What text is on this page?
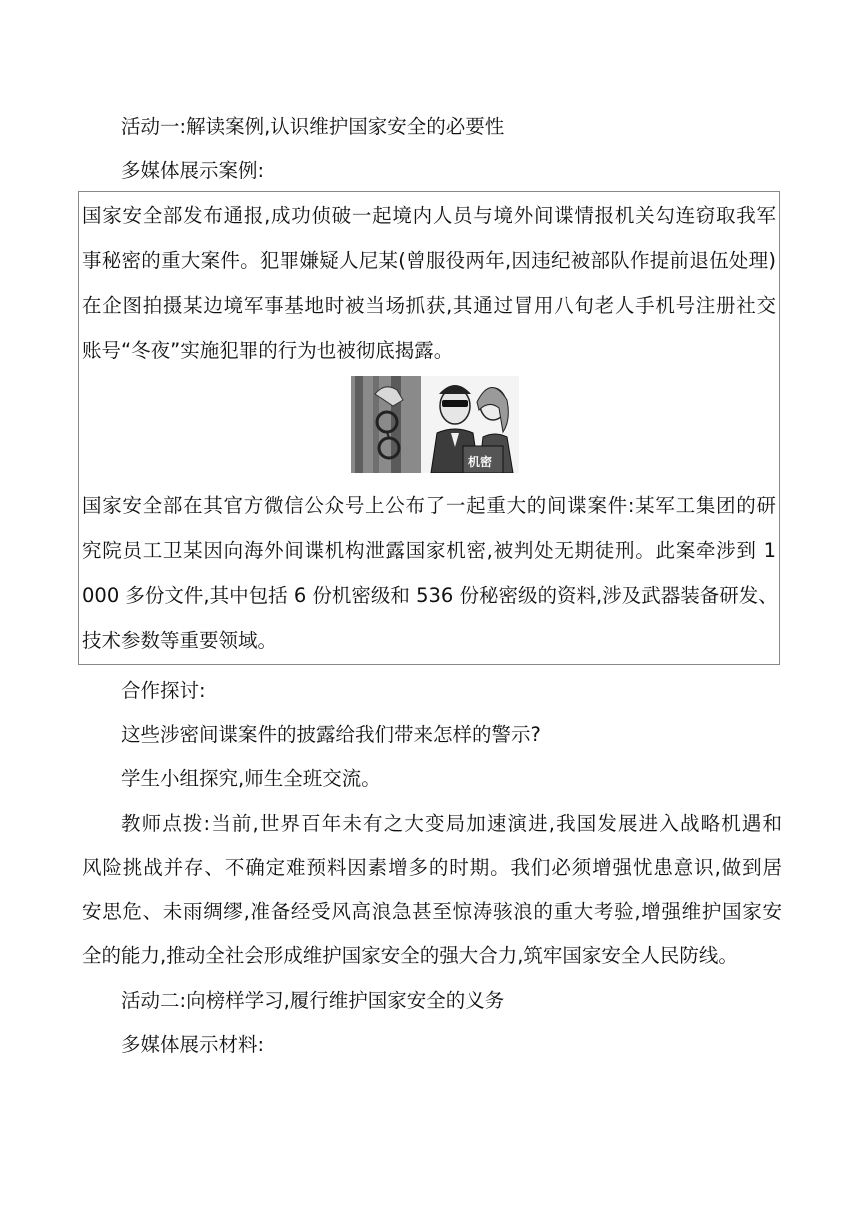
活动一:解读案例,认识维护国家安全的必要性
多媒体展示案例:
国家安全部发布通报,成功侦破一起境内人员与境外间谍情报机关勾连窃取我军
事秘密的重大案件。犯罪嫌疑人尼某(曾服役两年,因违纪被部队作提前退伍处理)
在企图拍摄某边境军事基地时被当场抓获,其通过冒用八旬老人手机号注册社交
账号“冬夜”实施犯罪的行为也被彻底揭露。
机密
国家安全部在其官方微信公众号上公布了一起重大的间谍案件:某军工集团的研
究院员工卫某因向海外间谍机构泄露国家机密,被判处无期徒刑。此案牵涉到 1
000 多份文件,其中包括 6 份机密级和 536 份秘密级的资料,涉及武器装备研发、
技术参数等重要领域。
合作探讨:
这些涉密间谍案件的披露给我们带来怎样的警示?
学生小组探究,师生全班交流。
教师点拨:当前,世界百年未有之大变局加速演进,我国发展进入战略机遇和
风险挑战并存、不确定难预料因素增多的时期。我们必须增强忧患意识,做到居
安思危、未雨绸缪,准备经受风高浪急甚至惊涛骇浪的重大考验,增强维护国家安
全的能力,推动全社会形成维护国家安全的强大合力,筑牢国家安全人民防线。
活动二:向榜样学习,履行维护国家安全的义务
多媒体展示材料:
